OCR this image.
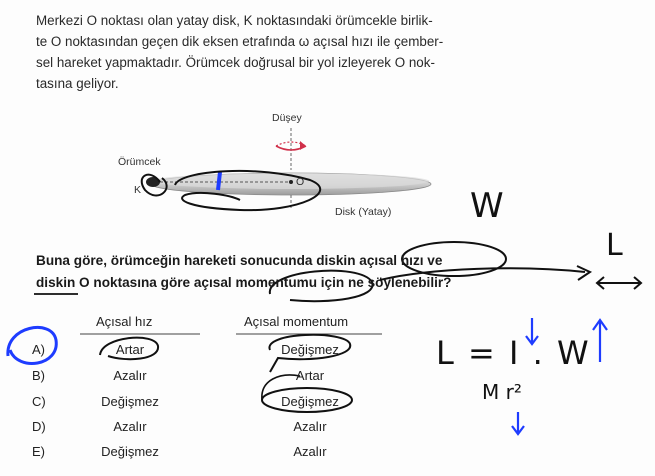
Merkezi O noktası olan yatay disk, K noktasındaki örümcekle birlik-
te O noktasından geçen dik eksen etrafında ω açısal hızı ile çember-
sel hareket yapmaktadır. Örümcek doğrusal bir yol izleyerek O nok-
tasına geliyor.
Düşey
Örümcek
K
O
Disk (Yatay)
Buna göre, örümceğin hareketi sonucunda diskin açısal hızı ve
diskin O noktasına göre açısal momentumu için ne söylenebilir?
Açısal hız	Açısal momentum
A)	Artar	Değişmez
B)	Azalır	Artar
C)	Değişmez	Değişmez
D)	Azalır	Azalır
E)	Değişmez	Azalır
W
L
L = I . W
M r²
